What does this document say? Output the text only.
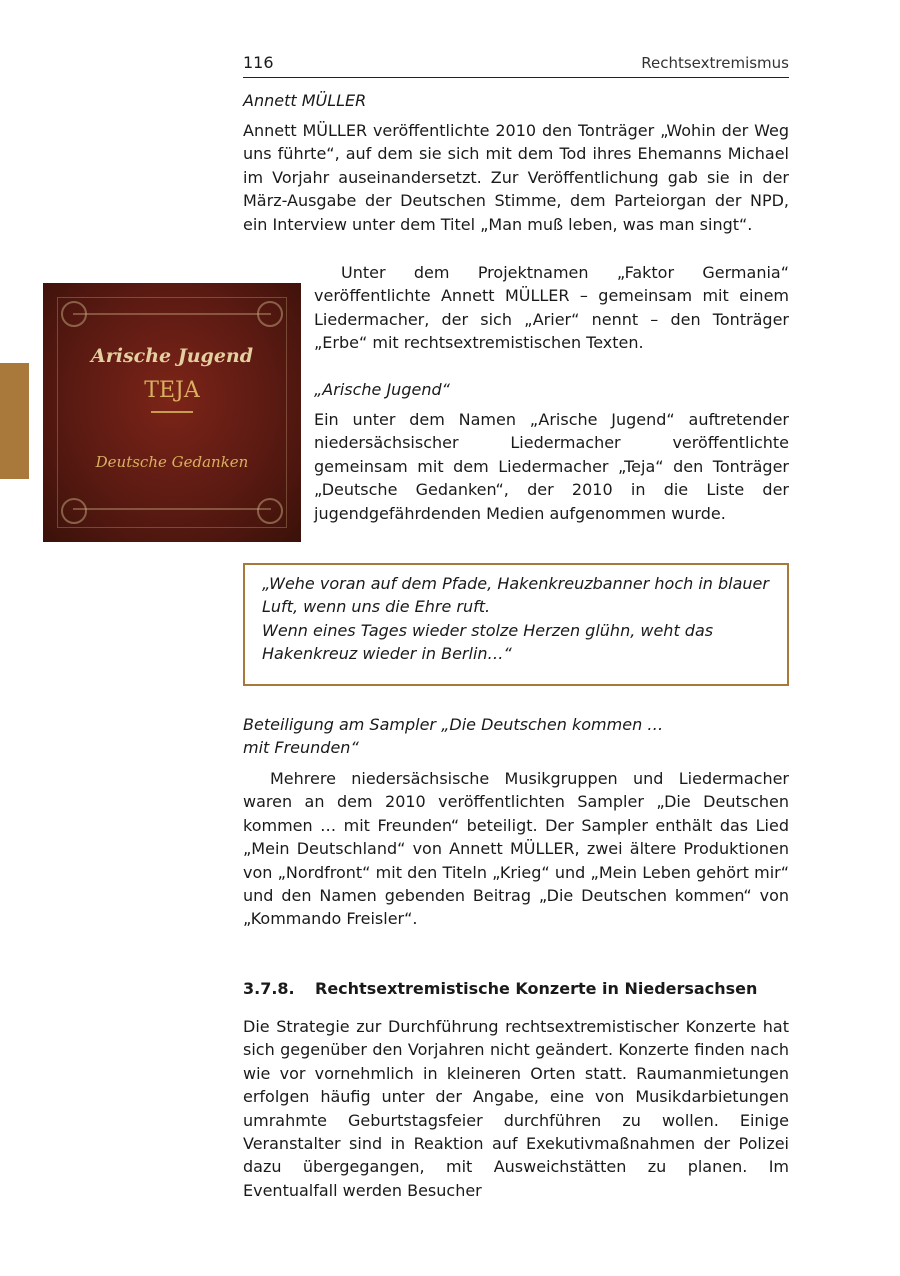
116	Rechtsextremismus
Annett MÜLLER
Annett MÜLLER veröffentlichte 2010 den Tonträger „Wohin der Weg uns führte“, auf dem sie sich mit dem Tod ihres Ehemanns Michael im Vorjahr auseinandersetzt. Zur Veröffentlichung gab sie in der März-Ausgabe der Deutschen Stimme, dem Parteiorgan der NPD, ein Interview unter dem Titel „Man muß leben, was man singt“.
Arische Jugend
TEJA
Deutsche Gedanken
Unter dem Projektnamen „Faktor Germania“ veröffentlichte Annett MÜLLER – gemeinsam mit einem Liedermacher, der sich „Arier“ nennt – den Tonträger „Erbe“ mit rechtsextremistischen Texten.
„Arische Jugend“
Ein unter dem Namen „Arische Jugend“ auftretender niedersächsischer Liedermacher veröffentlichte gemeinsam mit dem Liedermacher „Teja“ den Tonträger „Deutsche Gedanken“, der 2010 in die Liste der jugendgefährdenden Medien aufgenommen wurde.
„Wehe voran auf dem Pfade, Hakenkreuzbanner hoch in blauer Luft, wenn uns die Ehre ruft.
Wenn eines Tages wieder stolze Herzen glühn, weht das Hakenkreuz wieder in Berlin…“
Beteiligung am Sampler „Die Deutschen kommen …
mit Freunden“
Mehrere niedersächsische Musikgruppen und Liedermacher waren an dem 2010 veröffentlichten Sampler „Die Deutschen kommen … mit Freunden“ beteiligt. Der Sampler enthält das Lied „Mein Deutschland“ von Annett MÜLLER, zwei ältere Produktionen von „Nordfront“ mit den Titeln „Krieg“ und „Mein Leben gehört mir“ und den Namen gebenden Beitrag „Die Deutschen kommen“ von „Kommando Freisler“.
3.7.8. Rechtsextremistische Konzerte in Niedersachsen
Die Strategie zur Durchführung rechtsextremistischer Konzerte hat sich gegenüber den Vorjahren nicht geändert. Konzerte finden nach wie vor vornehmlich in kleineren Orten statt. Raumanmietungen erfolgen häufig unter der Angabe, eine von Musikdarbietungen umrahmte Geburtstagsfeier durchführen zu wollen. Einige Veranstalter sind in Reaktion auf Exekutivmaßnahmen der Polizei dazu übergegangen, mit Ausweichstätten zu planen. Im Eventualfall werden Besucher
